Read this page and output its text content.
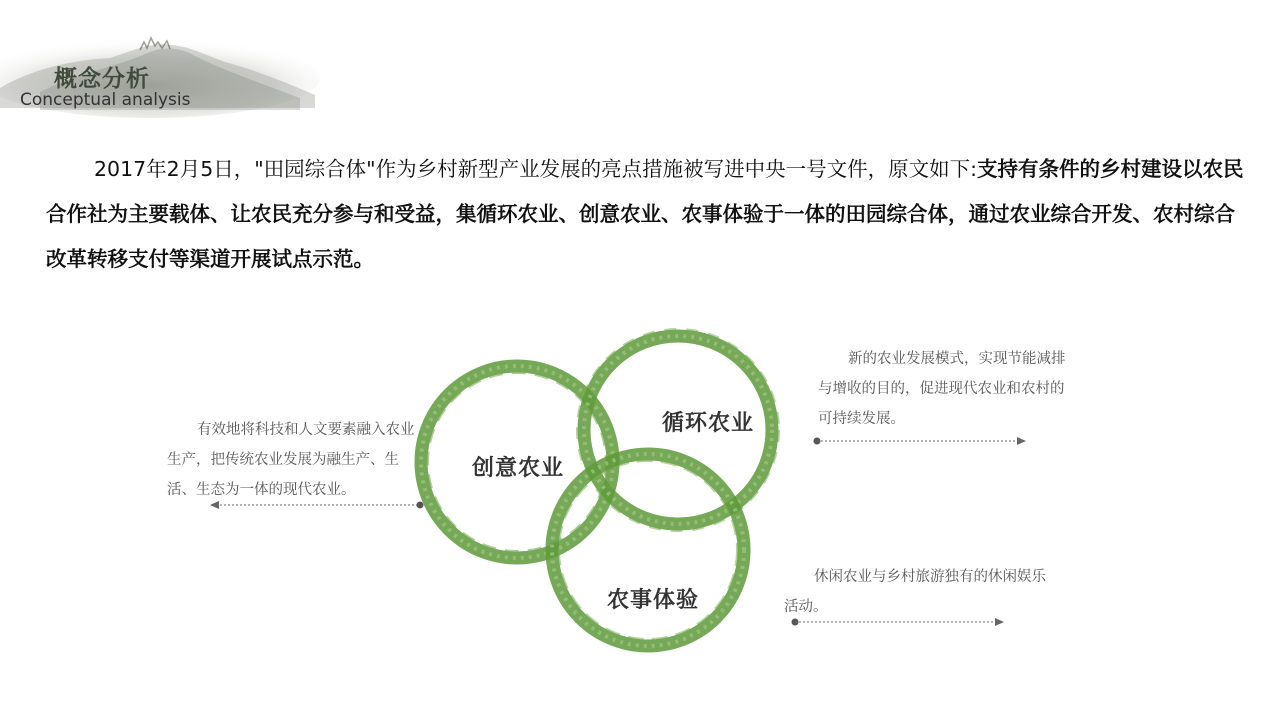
概念分析
Conceptual analysis
2017年2月5日，"田园综合体"作为乡村新型产业发展的亮点措施被写进中央一号文件，原文如下:支持有条件的乡村建设以农民合作社为主要载体、让农民充分参与和受益，集循环农业、创意农业、农事体验于一体的田园综合体，通过农业综合开发、农村综合改革转移支付等渠道开展试点示范。
创意农业
循环农业
农事体验
有效地将科技和人文要素融入农业生产，把传统农业发展为融生产、生活、生态为一体的现代农业。
新的农业发展模式，实现节能减排与增收的目的，促进现代农业和农村的可持续发展。
休闲农业与乡村旅游独有的休闲娱乐活动。
